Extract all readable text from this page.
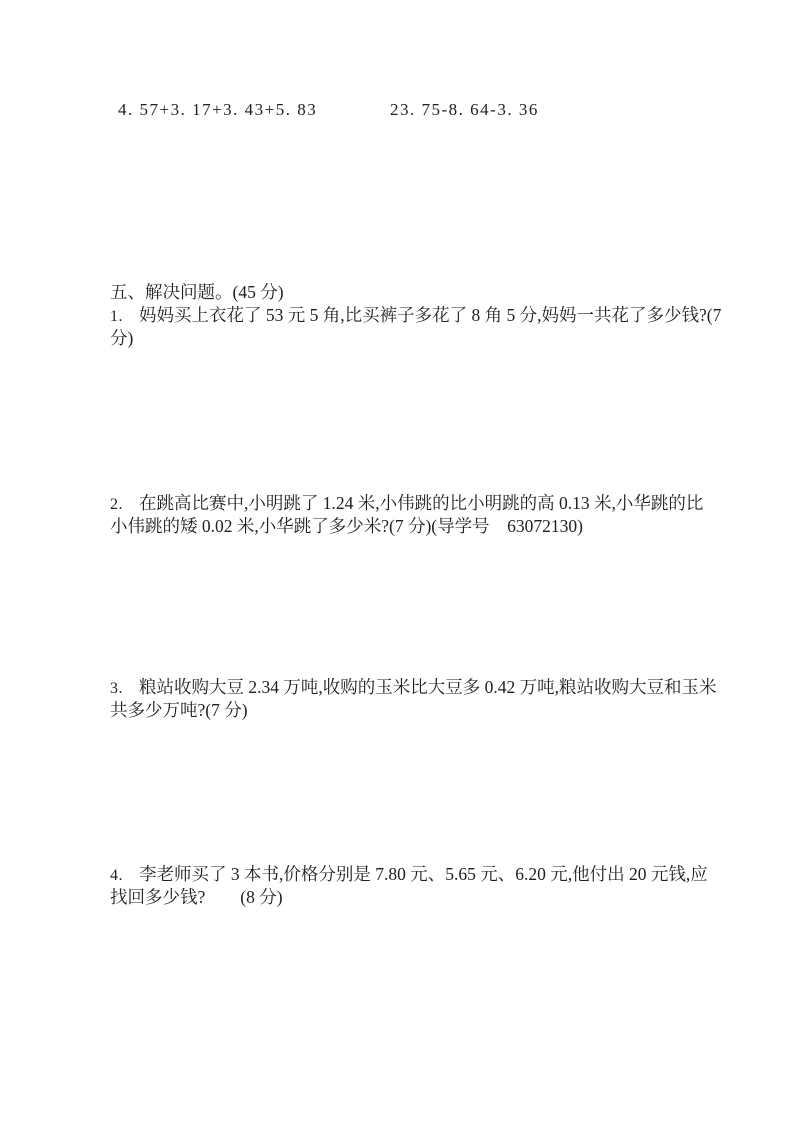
4. 57+3. 17+3. 43+5. 83	23. 75-8. 64-3. 36
五、解决问题。(45 分)
1. 妈妈买上衣花了 53 元 5 角,比买裤子多花了 8 角 5 分,妈妈一共花了多少钱?(7
分)
2. 在跳高比赛中,小明跳了 1.24 米,小伟跳的比小明跳的高 0.13 米,小华跳的比
小伟跳的矮 0.02 米,小华跳了多少米?(7 分)(导学号　63072130)
3. 粮站收购大豆 2.34 万吨,收购的玉米比大豆多 0.42 万吨,粮站收购大豆和玉米
共多少万吨?(7 分)
4. 李老师买了 3 本书,价格分别是 7.80 元、5.65 元、6.20 元,他付出 20 元钱,应
找回多少钱?　　(8 分)
